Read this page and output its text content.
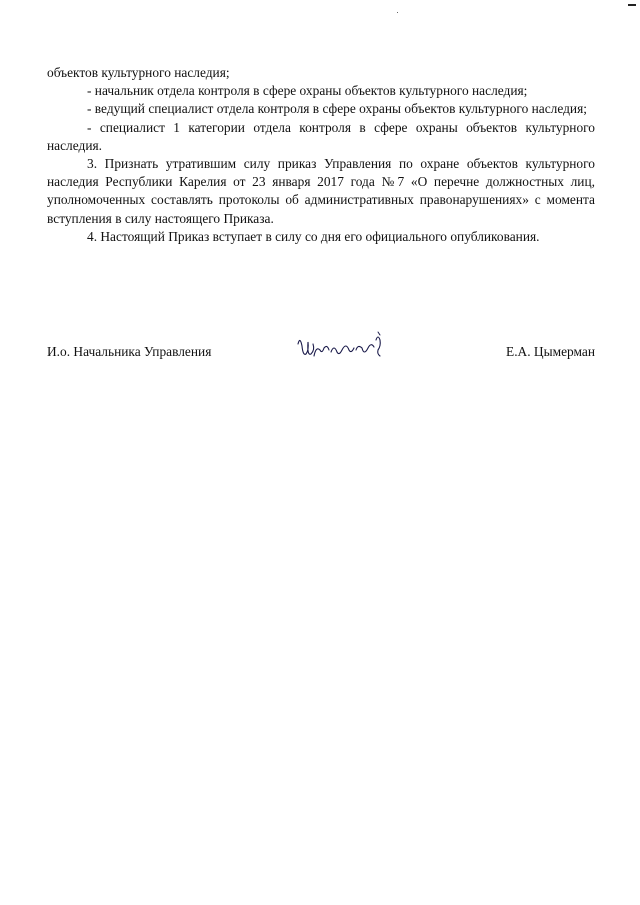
объектов культурного наследия;

- начальник отдела контроля в сфере охраны объектов культурного наследия;

- ведущий специалист отдела контроля в сфере охраны объектов культурного наследия;

- специалист 1 категории отдела контроля в сфере охраны объектов культурного наследия.

3. Признать утратившим силу приказ Управления по охране объектов культурного наследия Республики Карелия от 23 января 2017 года №7 «О перечне должностных лиц, уполномоченных составлять протоколы об административных правонарушениях» с момента вступления в силу настоящего Приказа.

4. Настоящий Приказ вступает в силу со дня его официального опубликования.

И.о. Начальника Управления	Е.А. Цымерман
